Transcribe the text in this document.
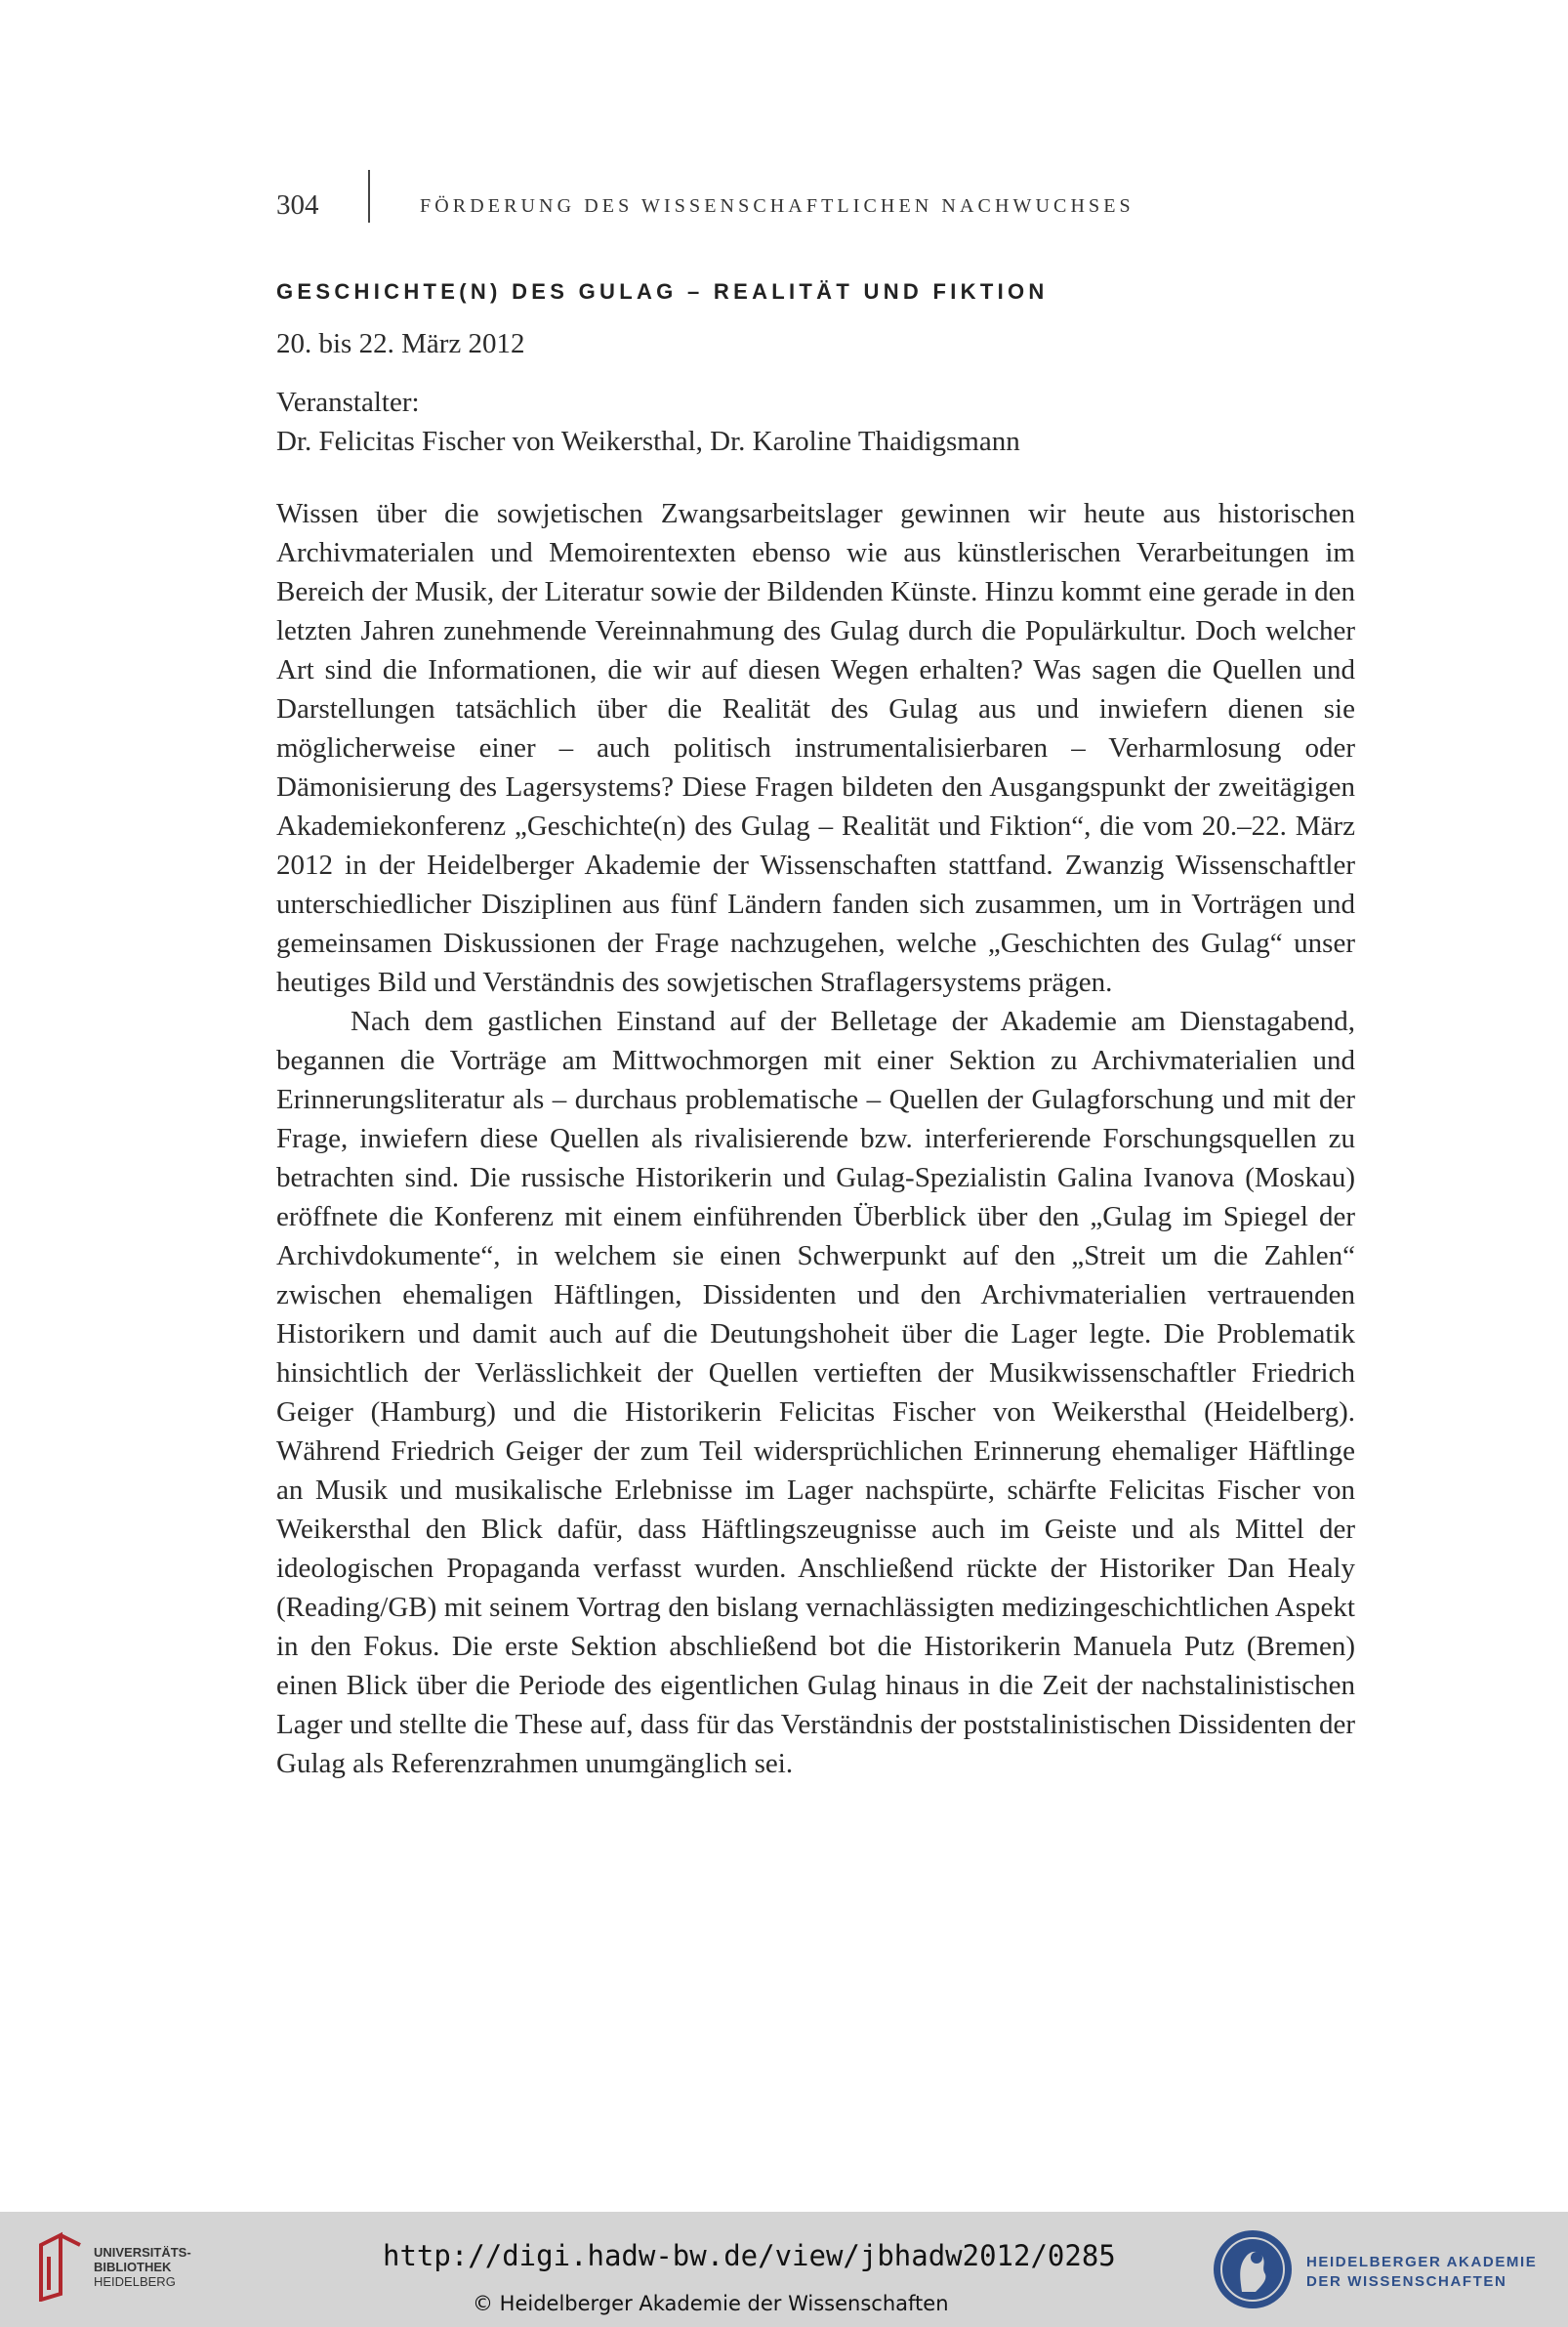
304	FÖRDERUNG DES WISSENSCHAFTLICHEN NACHWUCHSES
GESCHICHTE(N) DES GULAG – REALITÄT UND FIKTION

20. bis 22. März 2012

Veranstalter:

Dr. Felicitas Fischer von Weikersthal, Dr. Karoline Thaidigsmann

Wissen über die sowjetischen Zwangsarbeitslager gewinnen wir heute aus historischen Archivmaterialen und Memoirentexten ebenso wie aus künstlerischen Verarbeitungen im Bereich der Musik, der Literatur sowie der Bildenden Künste. Hinzu kommt eine gerade in den letzten Jahren zunehmende Vereinnahmung des Gulag durch die Populärkultur. Doch welcher Art sind die Informationen, die wir auf diesen Wegen erhalten? Was sagen die Quellen und Darstellungen tatsächlich über die Realität des Gulag aus und inwiefern dienen sie möglicherweise einer – auch politisch instrumentalisierbaren – Verharmlosung oder Dämonisierung des Lagersystems? Diese Fragen bildeten den Ausgangspunkt der zweitägigen Akademiekonferenz „Geschichte(n) des Gulag – Realität und Fiktion“, die vom 20.–22. März 2012 in der Heidelberger Akademie der Wissenschaften stattfand. Zwanzig Wissenschaftler unterschiedlicher Disziplinen aus fünf Ländern fanden sich zusammen, um in Vorträgen und gemeinsamen Diskussionen der Frage nachzugehen, welche „Geschichten des Gulag“ unser heutiges Bild und Verständnis des sowjetischen Straflagersystems prägen.

Nach dem gastlichen Einstand auf der Belletage der Akademie am Dienstagabend, begannen die Vorträge am Mittwochmorgen mit einer Sektion zu Archivmaterialien und Erinnerungsliteratur als – durchaus problematische – Quellen der Gulagforschung und mit der Frage, inwiefern diese Quellen als rivalisierende bzw. interferierende Forschungsquellen zu betrachten sind. Die russische Historikerin und Gulag-Spezialistin Galina Ivanova (Moskau) eröffnete die Konferenz mit einem einführenden Überblick über den „Gulag im Spiegel der Archivdokumente“, in welchem sie einen Schwerpunkt auf den „Streit um die Zahlen“ zwischen ehemaligen Häftlingen, Dissidenten und den Archivmaterialien vertrauenden Historikern und damit auch auf die Deutungshoheit über die Lager legte. Die Problematik hinsichtlich der Verlässlichkeit der Quellen vertieften der Musikwissenschaftler Friedrich Geiger (Hamburg) und die Historikerin Felicitas Fischer von Weikersthal (Heidelberg). Während Friedrich Geiger der zum Teil widersprüchlichen Erinnerung ehemaliger Häftlinge an Musik und musikalische Erlebnisse im Lager nachspürte, schärfte Felicitas Fischer von Weikersthal den Blick dafür, dass Häftlingszeugnisse auch im Geiste und als Mittel der ideologischen Propaganda verfasst wurden. Anschließend rückte der Historiker Dan Healy (Reading/GB) mit seinem Vortrag den bislang vernachlässigten medizingeschichtlichen Aspekt in den Fokus. Die erste Sektion abschließend bot die Historikerin Manuela Putz (Bremen) einen Blick über die Periode des eigentlichen Gulag hinaus in die Zeit der nachstalinistischen Lager und stellte die These auf, dass für das Verständnis der poststalinistischen Dissidenten der Gulag als Referenzrahmen unumgänglich sei.

UNIVERSITÄTS-
BIBLIOTHEK
HEIDELBERG
http://digi.hadw-bw.de/view/jbhadw2012/0285
© Heidelberger Akademie der Wissenschaften
HEIDELBERGER AKADEMIE
DER WISSENSCHAFTEN
